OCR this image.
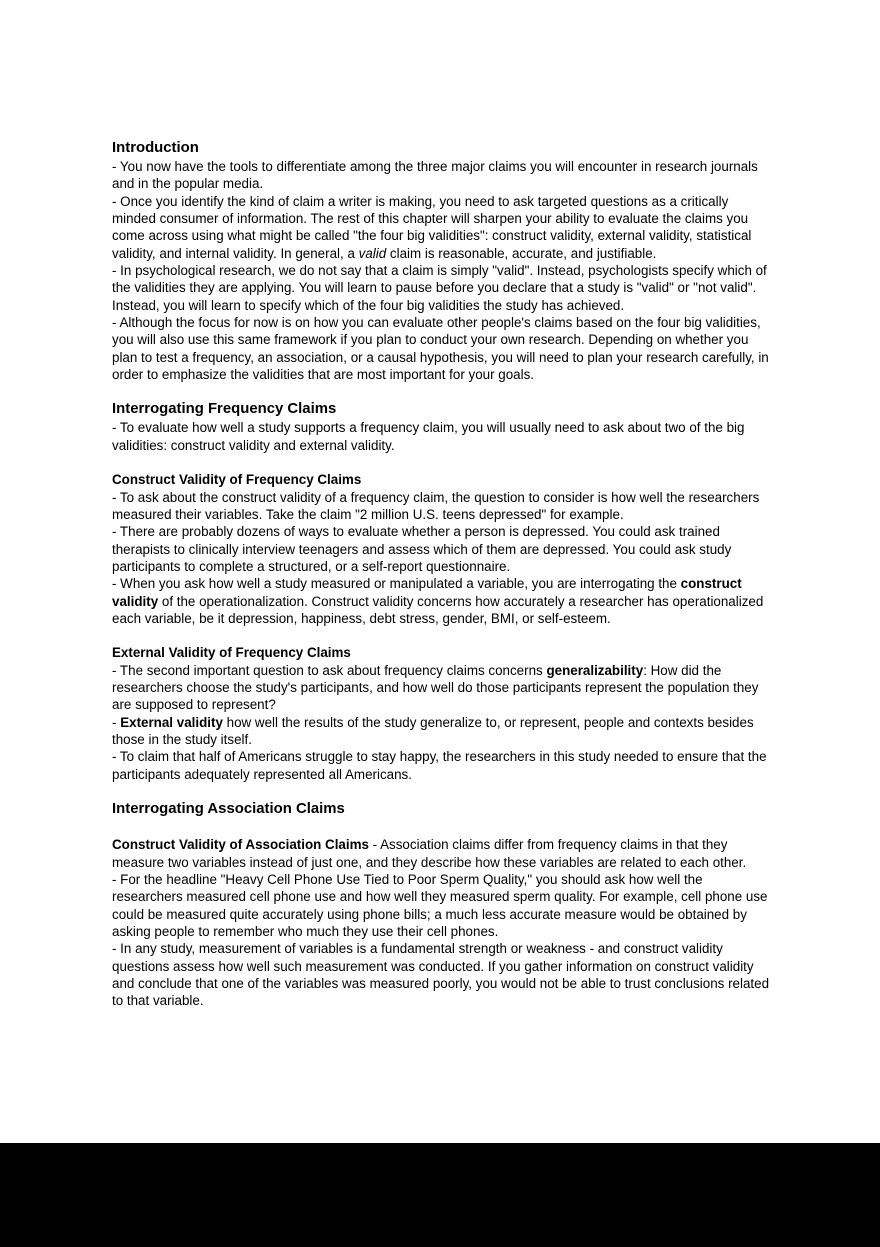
Introduction

- You now have the tools to differentiate among the three major claims you will encounter in research journals and in the popular media.

- Once you identify the kind of claim a writer is making, you need to ask targeted questions as a critically minded consumer of information. The rest of this chapter will sharpen your ability to evaluate the claims you come across using what might be called "the four big validities": construct validity, external validity, statistical validity, and internal validity. In general, a valid claim is reasonable, accurate, and justifiable.

- In psychological research, we do not say that a claim is simply "valid". Instead, psychologists specify which of the validities they are applying. You will learn to pause before you declare that a study is "valid" or "not valid". Instead, you will learn to specify which of the four big validities the study has achieved.

- Although the focus for now is on how you can evaluate other people's claims based on the four big validities, you will also use this same framework if you plan to conduct your own research. Depending on whether you plan to test a frequency, an association, or a causal hypothesis, you will need to plan your research carefully, in order to emphasize the validities that are most important for your goals.

Interrogating Frequency Claims

- To evaluate how well a study supports a frequency claim, you will usually need to ask about two of the big validities: construct validity and external validity.

Construct Validity of Frequency Claims

- To ask about the construct validity of a frequency claim, the question to consider is how well the researchers measured their variables. Take the claim "2 million U.S. teens depressed" for example.

- There are probably dozens of ways to evaluate whether a person is depressed. You could ask trained therapists to clinically interview teenagers and assess which of them are depressed. You could ask study participants to complete a structured, or a self-report questionnaire.

- When you ask how well a study measured or manipulated a variable, you are interrogating the construct validity of the operationalization. Construct validity concerns how accurately a researcher has operationalized each variable, be it depression, happiness, debt stress, gender, BMI, or self-esteem.

External Validity of Frequency Claims

- The second important question to ask about frequency claims concerns generalizability: How did the researchers choose the study's participants, and how well do those participants represent the population they are supposed to represent?

- External validity how well the results of the study generalize to, or represent, people and contexts besides those in the study itself.

- To claim that half of Americans struggle to stay happy, the researchers in this study needed to ensure that the participants adequately represented all Americans.

Interrogating Association Claims

Construct Validity of Association Claims - Association claims differ from frequency claims in that they measure two variables instead of just one, and they describe how these variables are related to each other.

- For the headline "Heavy Cell Phone Use Tied to Poor Sperm Quality," you should ask how well the researchers measured cell phone use and how well they measured sperm quality. For example, cell phone use could be measured quite accurately using phone bills; a much less accurate measure would be obtained by asking people to remember who much they use their cell phones.

- In any study, measurement of variables is a fundamental strength or weakness - and construct validity questions assess how well such measurement was conducted. If you gather information on construct validity and conclude that one of the variables was measured poorly, you would not be able to trust conclusions related to that variable.
